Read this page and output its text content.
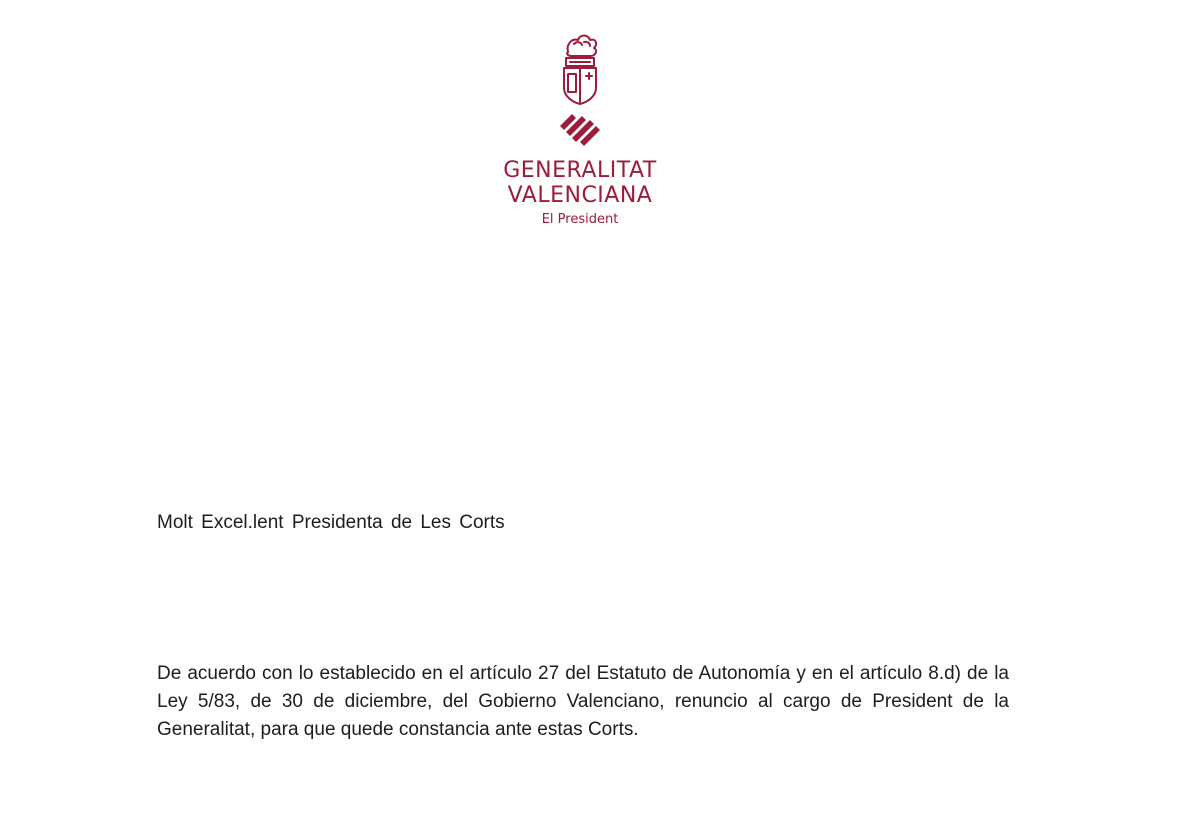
GENERALITAT
VALENCIANA
El President
Molt Excel.lent Presidenta de Les Corts
De acuerdo con lo establecido en el artículo 27 del Estatuto de Autonomía y en el artículo 8.d) de la Ley 5/83, de 30 de diciembre, del Gobierno Valenciano, renuncio al cargo de President de la Generalitat, para que quede constancia ante estas Corts.
